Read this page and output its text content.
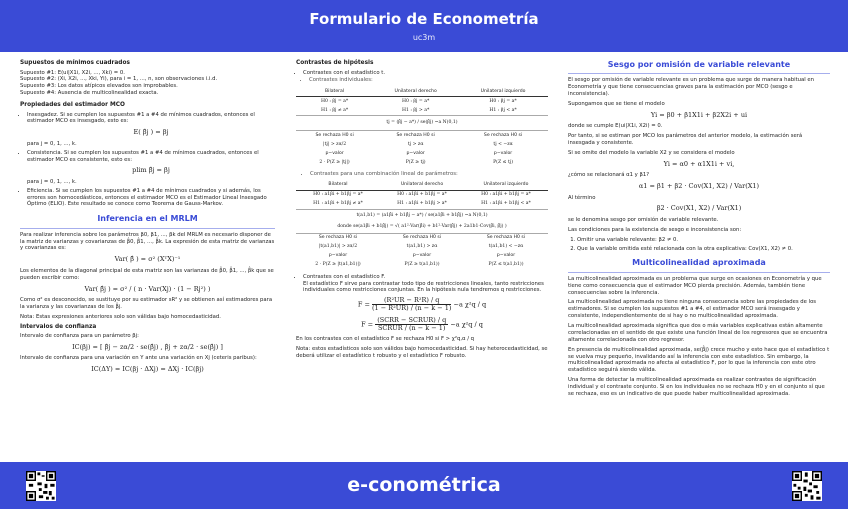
Formulario de Econometría
uc3m
Supuestos de mínimos cuadrados
Supuesto #1: E(ui|X1i, X2i, ..., Xki) = 0.
Supuesto #2: (Xi, X2i, ..., Xki, Yi), para i = 1, ..., n, son observaciones i.i.d.
Supuesto #3: Los datos atípicos elevados son improbables.
Supuesto #4: Ausencia de multicolinealidad exacta.
Propiedades del estimador MCO
• Insesgadez. Si se cumplen los supuestos #1 a #4 de mínimos cuadrados, entonces el estimador MCO es insesgado, esto es:
E( β̂j ) = βj
para j = 0, 1, ..., k.
• Consistencia. Si se cumplen los supuestos #1 a #4 de mínimos cuadrados, entonces el estimador MCO es consistente, esto es:
plim β̂j = βj
para j = 0, 1, ..., k.
• Eficiencia. Si se cumplen los supuestos #1 a #4 de mínimos cuadrados y si además, los errores son homocedásticos, entonces el estimador MCO es el Estimador Lineal Insesgado Óptimo (ELIO). Este resultado se conoce como Teorema de Gauss-Markov.
Inferencia en el MRLM

Para realizar inferencia sobre los parámetros β0, β1, ..., βk del MRLM es necesario disponer de la matriz de varianzas y covarianzas de β̂0, β̂1, ..., β̂k. La expresión de esta matriz de varianzas y covarianzas es:

Var( β̂ ) = σ² (XᵀX)⁻¹

Los elementos de la diagonal principal de esta matriz son las varianzas de β̂0, β̂1, ..., β̂k que se pueden escribir como:

Var( β̂j ) = σ² / ( n · Var(Xj) · (1 − Rj²) )

Como σ² es desconocido, se sustituye por su estimador sR² y se obtienen así estimadores para la varianza y las covarianzas de los β̂j.

Nota: Estas expresiones anteriores solo son válidas bajo homocedasticidad.

Intervalos de confianza

Intervalo de confianza para un parámetro βj:

IC(βj) = [ β̂j − zα/2 · se(β̂j) , β̂j + zα/2 · se(β̂j) ]

Intervalo de confianza para una variación en Y ante una variación en Xj (ceteris paribus):

IC(ΔY) = IC(βj · ΔXj) = ΔXj · IC(βj)
Contrastes de hipótesis
• Contrastes con el estadístico t.
• Contrastes individuales:
Bilateral	Unilateral derecho	Unilateral izquierdo
H0 : βj = a*	H0 : βj = a*	H0 : βj = a*
H1 : βj ≠ a*	H1 : βj > a*	H1 : βj < a*
tj = (β̂j − a*) / se(β̂j) ~a N(0,1)		
Se rechaza H0 si	Se rechaza H0 si	Se rechaza H0 si
|tj| > zα/2	tj > zα	tj < −zα
p−valor	p−valor	p−valor
2 · P(Z ≥ |tj|)	P(Z ≥ tj)	P(Z ≤ tj)
• Contrastes para una combinación lineal de parámetros:
Bilateral	Unilateral derecho	Unilateral izquierdo
H0 : a1βi + b1βj = a*	H0 : a1βi + b1βj = a*	H0 : a1βi + b1βj = a*
H1 : a1βi + b1βj ≠ a*	H1 : a1βi + b1βj > a*	H1 : a1βi + b1βj < a*
t(a1,b1) = (a1β̂i + b1β̂j − a*) / se(a1β̂i + b1β̂j) ~a N(0,1)		
donde se(a1β̂i + b1β̂j) = √( a1²·Var(β̂i) + b1²·Var(β̂j) + 2a1b1·Cov(β̂i, β̂j) )		
Se rechaza H0 si	Se rechaza H0 si	Se rechaza H0 si
|t(a1,b1)| > zα/2	t(a1,b1) > zα	t(a1,b1) < −zα
p−valor	p−valor	p−valor
2 · P(Z ≥ |t(a1,b1)|)	P(Z ≥ t(a1,b1))	P(Z ≤ t(a1,b1))
• Contrastes con el estadístico F.
El estadístico F sirve para contrastar todo tipo de restricciones lineales, tanto restricciones individuales como restricciones conjuntas. En la hipótesis nula tendremos q restricciones.
$F = \frac{\text{(R²UR − R²R) / q}}{\text{(1 − R²UR) / (n − k − 1)}}$ ~a χ²q / q
$F = \frac{\text{(SCRR − SCRUR) / q}}{\text{SCRUR / (n − k − 1)}}$ ~a χ²q / q

En los contrastes con el estadístico F se rechaza H0 si F > χ²q,α / q

Nota: estos estadísticos solo son válidos bajo homocedasticidad. Si hay heterocedasticidad, se deberá utilizar el estadístico t robusto y el estadístico F robusto.

Sesgo por omisión de variable relevante

El sesgo por omisión de variable relevante es un problema que surge de manera habitual en Econometría y que tiene consecuencias graves para la estimación por MCO (sesgo e inconsistencia).

Supongamos que se tiene el modelo

Yi = β0 + β1X1i + β2X2i + ui

donde se cumple E(ui|X1i, X2i) = 0.

Por tanto, si se estiman por MCO los parámetros del anterior modelo, la estimación será insesgada y consistente.

Si se omite del modelo la variable X2 y se considera el modelo

Yi = α0 + α1X1i + vi,

¿cómo se relacionará α1 y β1?

α1 = β1 + β2 · Cov(X1, X2) / Var(X1)

Al término

β2 · Cov(X1, X2) / Var(X1)

se le denomina sesgo por omisión de variable relevante.

Las condiciones para la existencia de sesgo e inconsistencia son:

1. Omitir una variable relevante: β2 ≠ 0.
2. Que la variable omitida esté relacionada con la otra explicativa: Cov(X1, X2) ≠ 0.
Multicolinealidad aproximada

La multicolinealidad aproximada es un problema que surge en ocasiones en Econometría y que tiene como consecuencia que el estimador MCO pierda precisión. Además, también tiene consecuencias sobre la inferencia.

La multicolinealidad aproximada no tiene ninguna consecuencia sobre las propiedades de los estimadores. Si se cumplen los supuestos #1 a #4, el estimador MCO será insesgado y consistente, independientemente de si hay o no multicolinealidad aproximada.

La multicolinealidad aproximada significa que dos o más variables explicativas están altamente correlacionadas en el sentido de que existe una función lineal de los regresores que se encuentra altamente correlacionada con otro regresor.

En presencia de multicolinealidad aproximada, se(β̂j) crece mucho y esto hace que el estadístico t se vuelva muy pequeño, invalidando así la inferencia con este estadístico. Sin embargo, la multicolinealidad aproximada no afecta al estadístico F, por lo que la inferencia con este otro estadístico seguirá siendo válida.

Una forma de detectar la multicolinealidad aproximada es realizar contrastes de significación individual y el contraste conjunto. Si en los individuales no se rechaza H0 y en el conjunto sí que se rechaza, eso es un indicativo de que puede haber multicolinealidad aproximada.

e-conométrica
